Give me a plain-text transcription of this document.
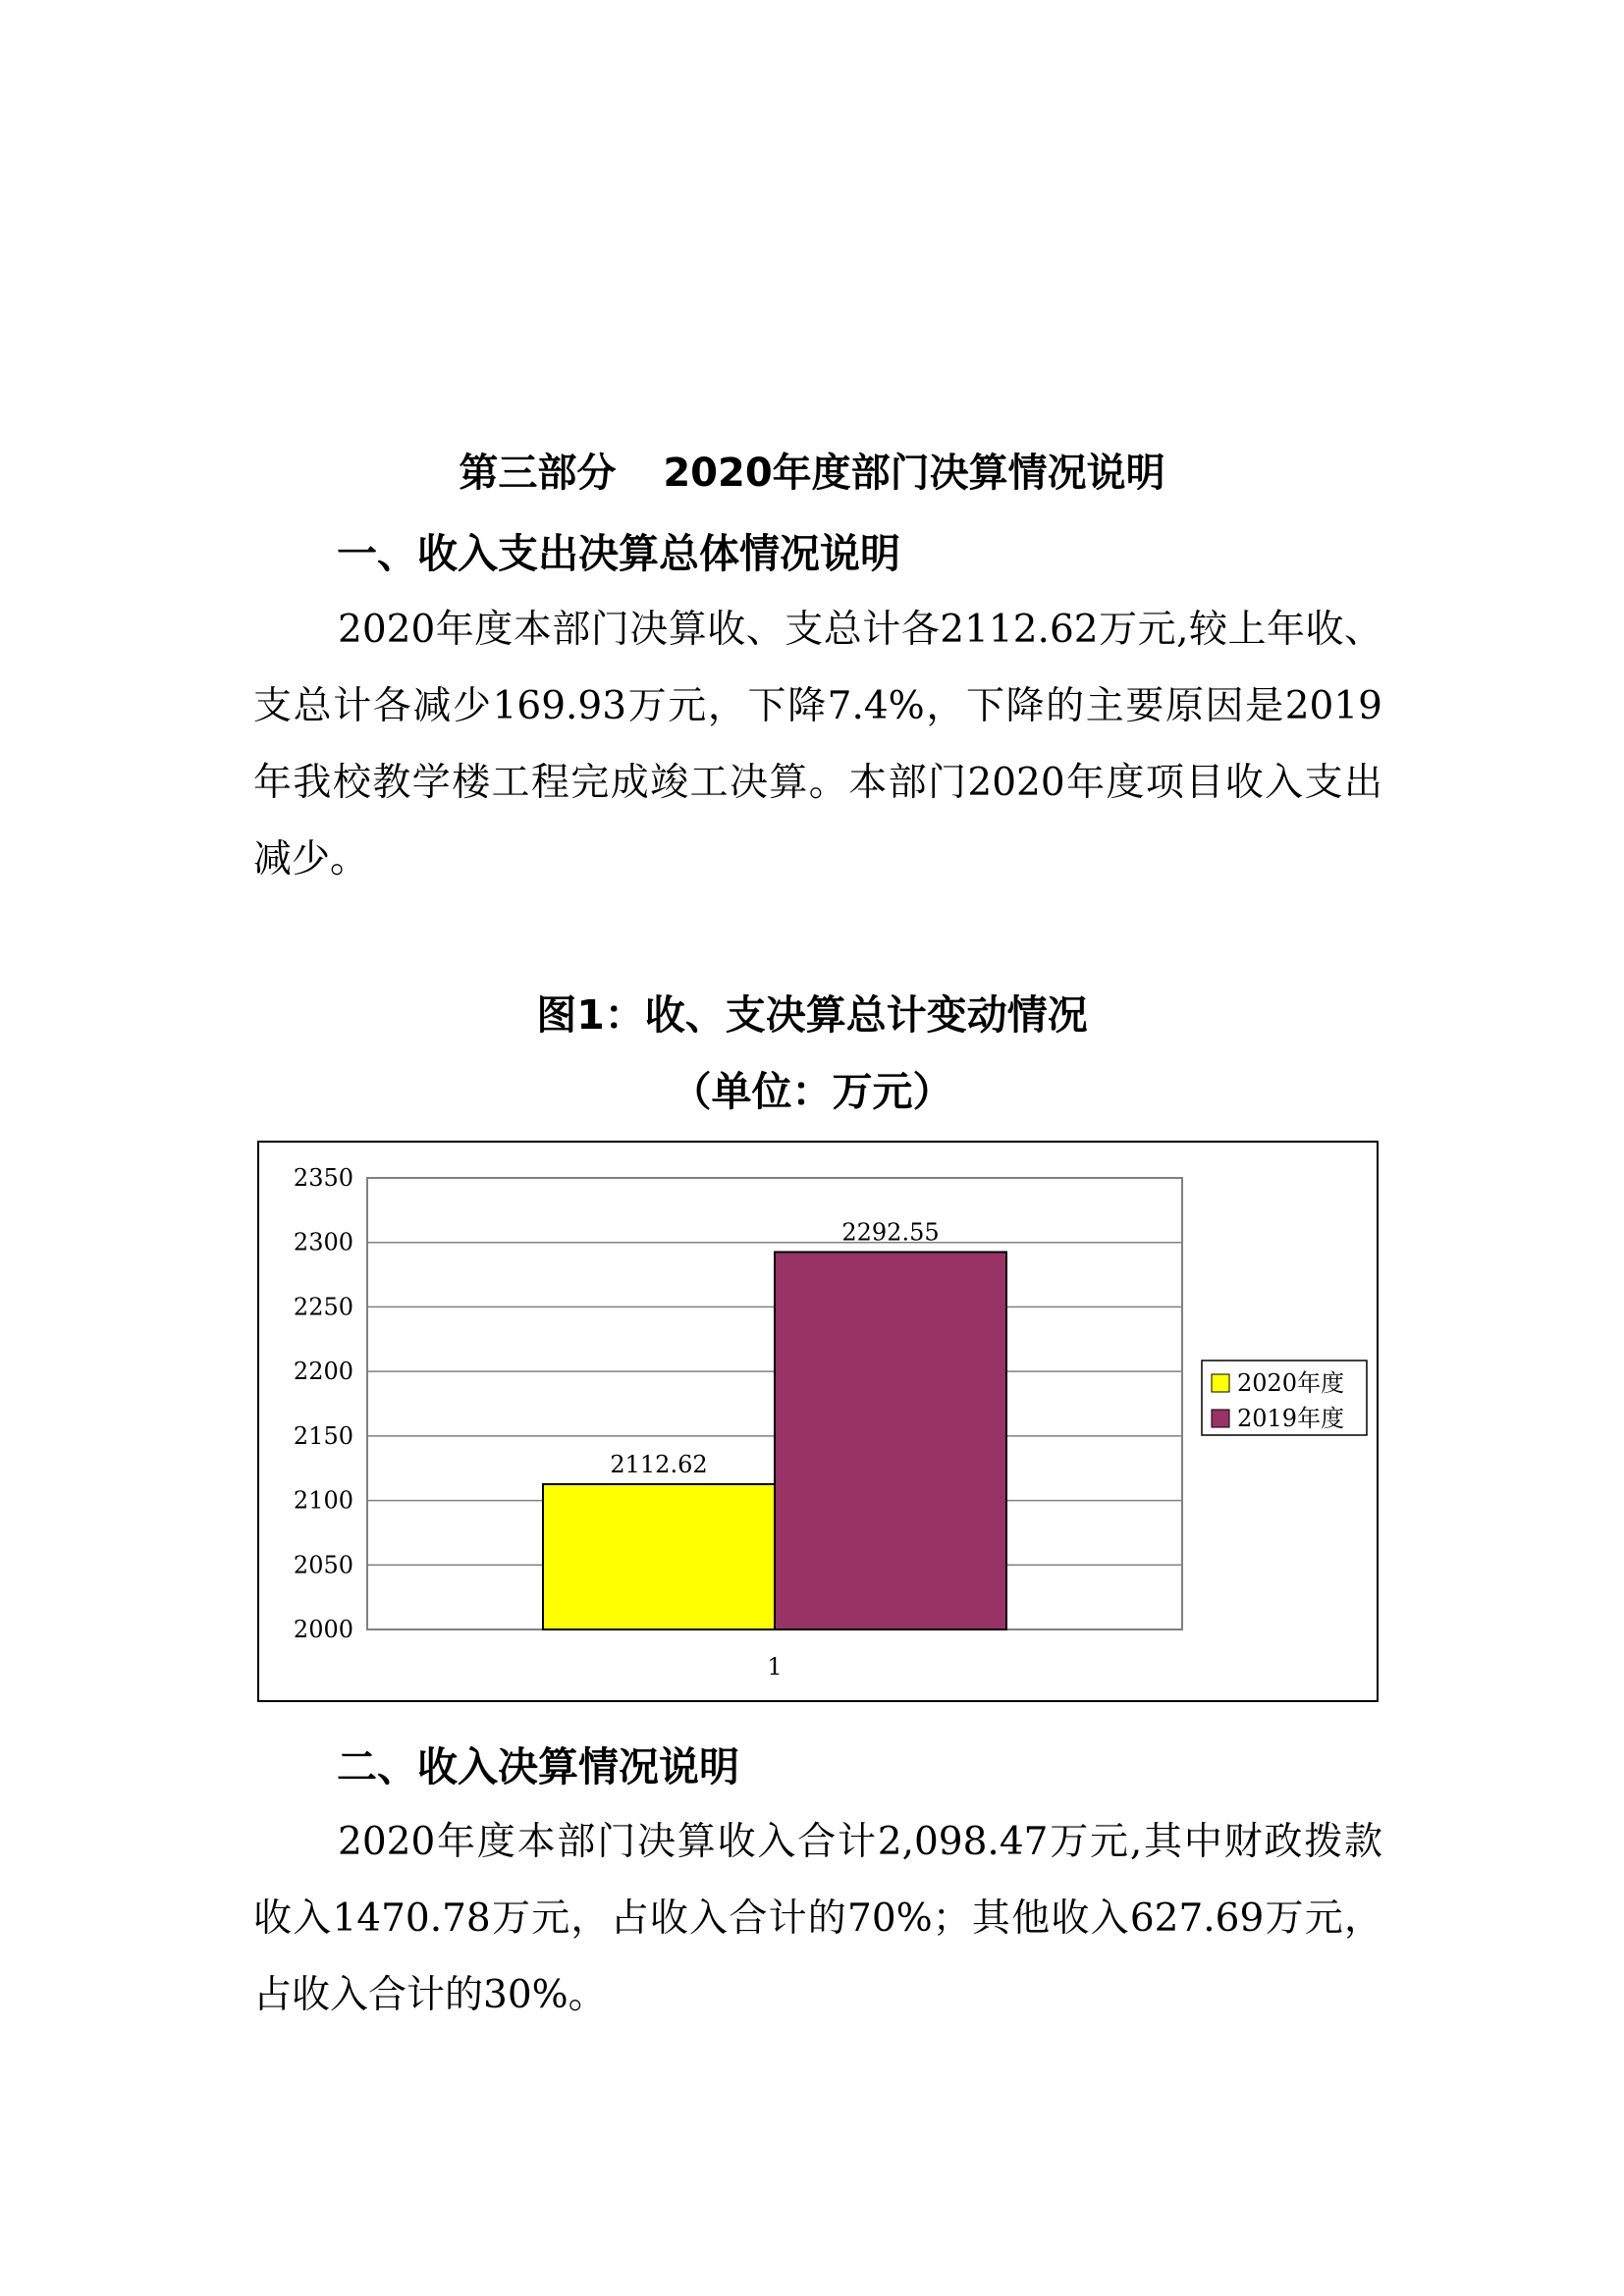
第三部分 2020年度部门决算情况说明
一、收入支出决算总体情况说明

2020年度本部门决算收、支总计各2112.62万元,较上年收、支总计各减少169.93万元，下降7.4%，下降的主要原因是2019年我校教学楼工程完成竣工决算。本部门2020年度项目收入支出减少。

图1：收、支决算总计变动情况
（单位：万元）
2000
2050
2100
2150
2200
2250
2300
2350
2112.62
2292.55
1
2020年度
2019年度
二、收入决算情况说明

2020年度本部门决算收入合计2,098.47万元,其中财政拨款收入1470.78万元，占收入合计的70%；其他收入627.69万元，占收入合计的30%。
